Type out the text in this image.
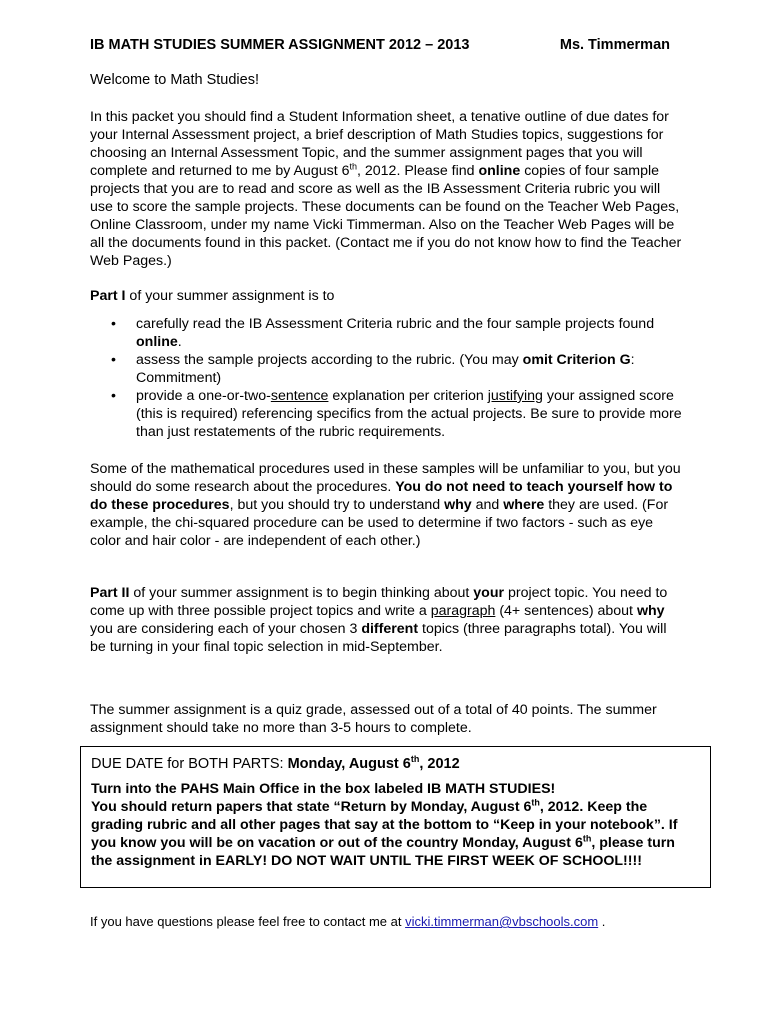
IB MATH STUDIES SUMMER ASSIGNMENT 2012 – 2013	Ms. Timmerman

Welcome to Math Studies!

In this packet you should find a Student Information sheet, a tenative outline of due dates for your Internal Assessment project, a brief description of Math Studies topics, suggestions for choosing an Internal Assessment Topic, and the summer assignment pages that you will complete and returned to me by August 6th, 2012. Please find online copies of four sample projects that you are to read and score as well as the IB Assessment Criteria rubric you will use to score the sample projects. These documents can be found on the Teacher Web Pages, Online Classroom, under my name Vicki Timmerman. Also on the Teacher Web Pages will be all the documents found in this packet. (Contact me if you do not know how to find the Teacher Web Pages.)

Part I of your summer assignment is to

• carefully read the IB Assessment Criteria rubric and the four sample projects found online.
• assess the sample projects according to the rubric. (You may omit Criterion G: Commitment)
• provide a one-or-two-sentence explanation per criterion justifying your assigned score (this is required) referencing specifics from the actual projects. Be sure to provide more than just restatements of the rubric requirements.

Some of the mathematical procedures used in these samples will be unfamiliar to you, but you should do some research about the procedures. You do not need to teach yourself how to do these procedures, but you should try to understand why and where they are used. (For example, the chi-squared procedure can be used to determine if two factors - such as eye color and hair color - are independent of each other.)

Part II of your summer assignment is to begin thinking about your project topic. You need to come up with three possible project topics and write a paragraph (4+ sentences) about why you are considering each of your chosen 3 different topics (three paragraphs total). You will be turning in your final topic selection in mid-September.

The summer assignment is a quiz grade, assessed out of a total of 40 points. The summer assignment should take no more than 3-5 hours to complete.

DUE DATE for BOTH PARTS: Monday, August 6th, 2012
Turn into the PAHS Main Office in the box labeled IB MATH STUDIES!
You should return papers that state “Return by Monday, August 6th, 2012. Keep the grading rubric and all other pages that say at the bottom to “Keep in your notebook”. If you know you will be on vacation or out of the country Monday, August 6th, please turn the assignment in EARLY! DO NOT WAIT UNTIL THE FIRST WEEK OF SCHOOL!!!!

If you have questions please feel free to contact me at vicki.timmerman@vbschools.com .
